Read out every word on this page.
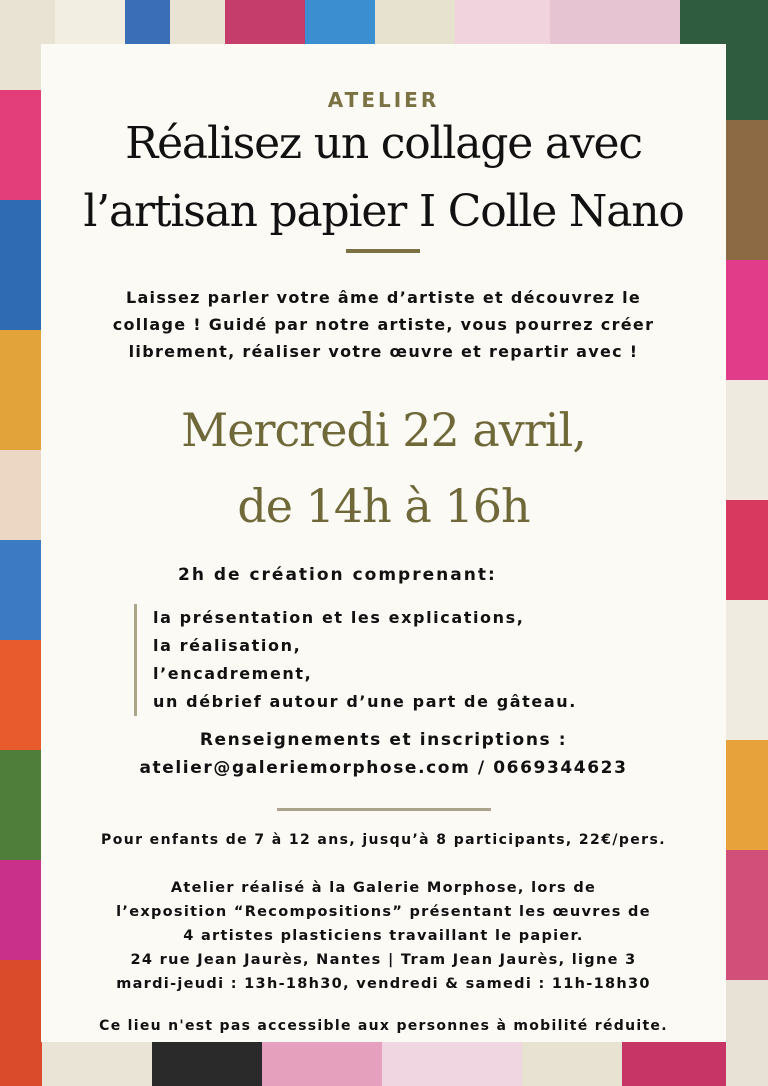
ATELIER
Réalisez un collage avec
l’artisan papier I Colle Nano
Laissez parler votre âme d’artiste et découvrez le
collage ! Guidé par notre artiste, vous pourrez créer
librement, réaliser votre œuvre et repartir avec !
Mercredi 22 avril,
de 14h à 16h
2h de création comprenant:
la présentation et les explications,
la réalisation,
l’encadrement,
un débrief autour d’une part de gâteau.
Renseignements et inscriptions :
atelier@galeriemorphose.com / 0669344623
Pour enfants de 7 à 12 ans, jusqu’à 8 participants, 22€/pers.
Atelier réalisé à la Galerie Morphose, lors de
l’exposition “Recompositions” présentant les œuvres de
4 artistes plasticiens travaillant le papier.
24 rue Jean Jaurès, Nantes | Tram Jean Jaurès, ligne 3
mardi-jeudi : 13h-18h30, vendredi & samedi : 11h-18h30
Ce lieu n'est pas accessible aux personnes à mobilité réduite.
